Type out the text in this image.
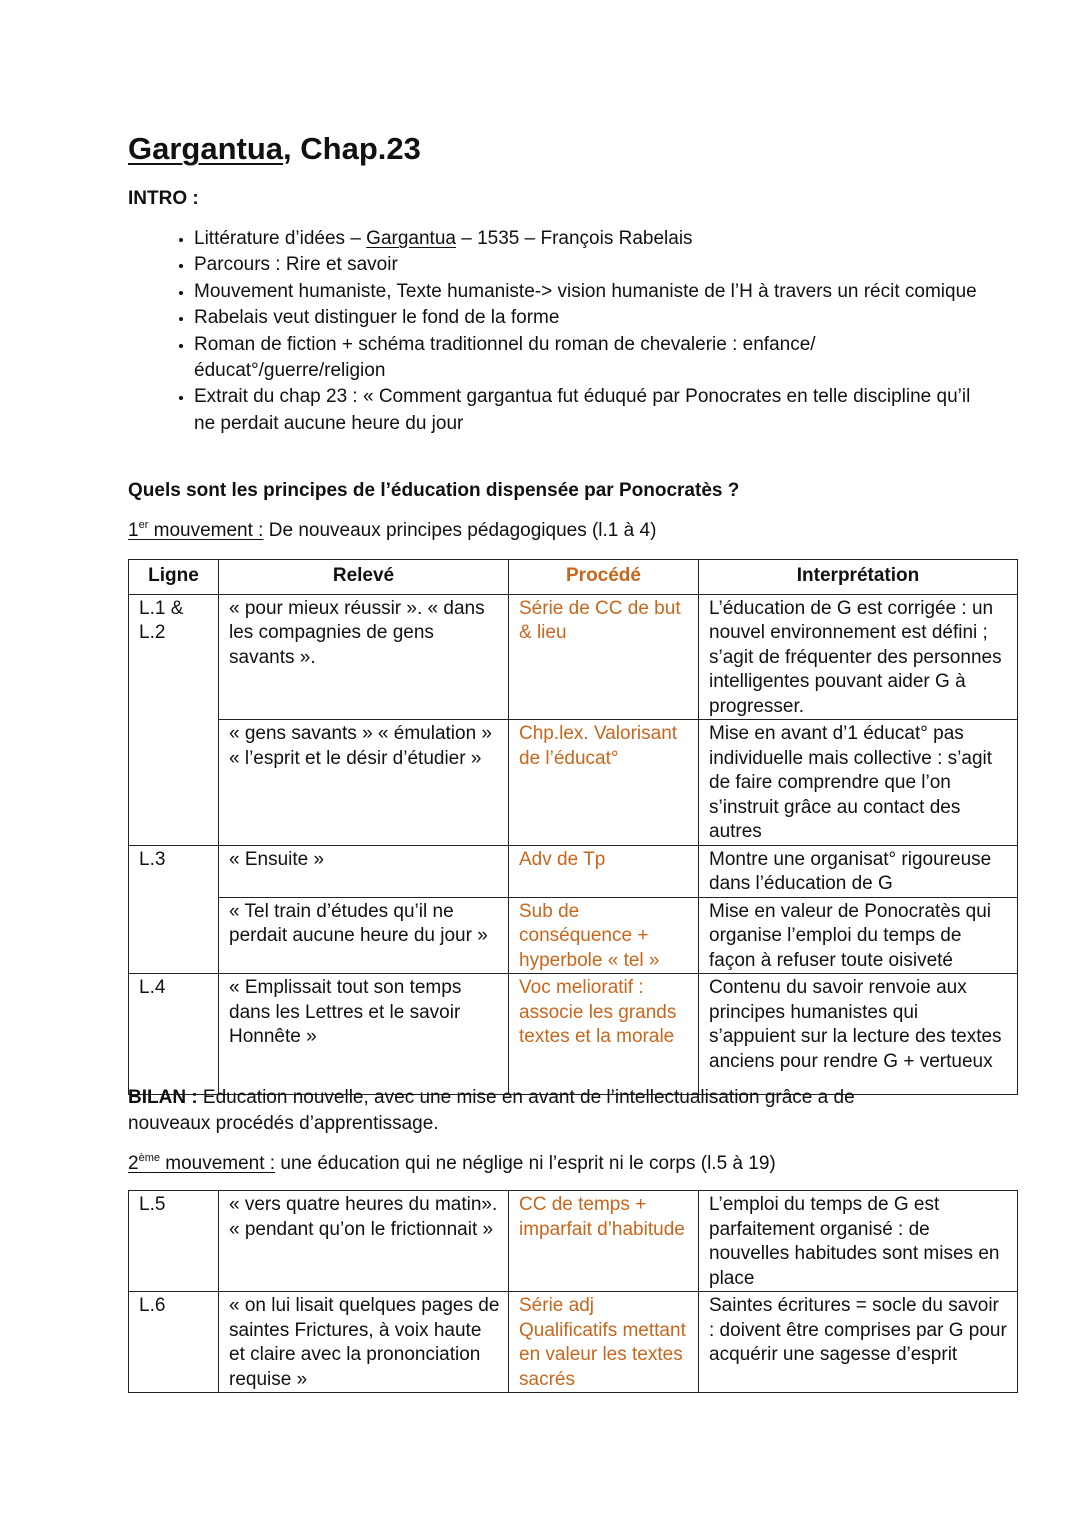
Gargantua, Chap.23
INTRO :
• Littérature d’idées – Gargantua – 1535 – François Rabelais
• Parcours : Rire et savoir
• Mouvement humaniste, Texte humaniste-> vision humaniste de l’H à travers un récit comique
• Rabelais veut distinguer le fond de la forme
• Roman de fiction + schéma traditionnel du roman de chevalerie : enfance/éducat°/guerre/religion
• Extrait du chap 23 : « Comment gargantua fut éduqué par Ponocrates en telle discipline qu’il ne perdait aucune heure du jour
Quels sont les principes de l’éducation dispensée par Ponocratès ?
1er mouvement : De nouveaux principes pédagogiques (l.1 à 4)
Ligne	Relevé	Procédé	Interprétation
L.1 & L.2	« pour mieux réussir ». « dans les compagnies de gens savants ».	Série de CC de but & lieu	L’éducation de G est corrigée : un nouvel environnement est défini ; s’agit de fréquenter des personnes intelligentes pouvant aider G à progresser.
	« gens savants » « émulation » « l’esprit et le désir d’étudier »	Chp.lex. Valorisant de l’éducat°	Mise en avant d’1 éducat° pas individuelle mais collective : s’agit de faire comprendre que l’on s’instruit grâce au contact des autres
L.3	« Ensuite »	Adv de Tp	Montre une organisat° rigoureuse dans l’éducation de G
	« Tel train d’études qu’il ne perdait aucune heure du jour »	Sub de conséquence + hyperbole « tel »	Mise en valeur de Ponocratès qui organise l’emploi du temps de façon à refuser toute oisiveté
L.4	« Emplissait tout son temps dans les Lettres et le savoir Honnête »	Voc melioratif : associe les grands textes et la morale	Contenu du savoir renvoie aux principes humanistes qui s’appuient sur la lecture des textes anciens pour rendre G + vertueux

BILAN : Education nouvelle, avec une mise en avant de l’intellectualisation grâce a de nouveaux procédés d’apprentissage.

2ème mouvement : une éducation qui ne néglige ni l’esprit ni le corps (l.5 à 19)
L.5	« vers quatre heures du matin». « pendant qu’on le frictionnait »	CC de temps + imparfait d’habitude	L’emploi du temps de G est parfaitement organisé : de nouvelles habitudes sont mises en place
L.6	« on lui lisait quelques pages de saintes Frictures, à voix haute et claire avec la prononciation requise »	Série adj Qualificatifs mettant en valeur les textes sacrés	Saintes écritures = socle du savoir : doivent être comprises par G pour acquérir une sagesse d’esprit
